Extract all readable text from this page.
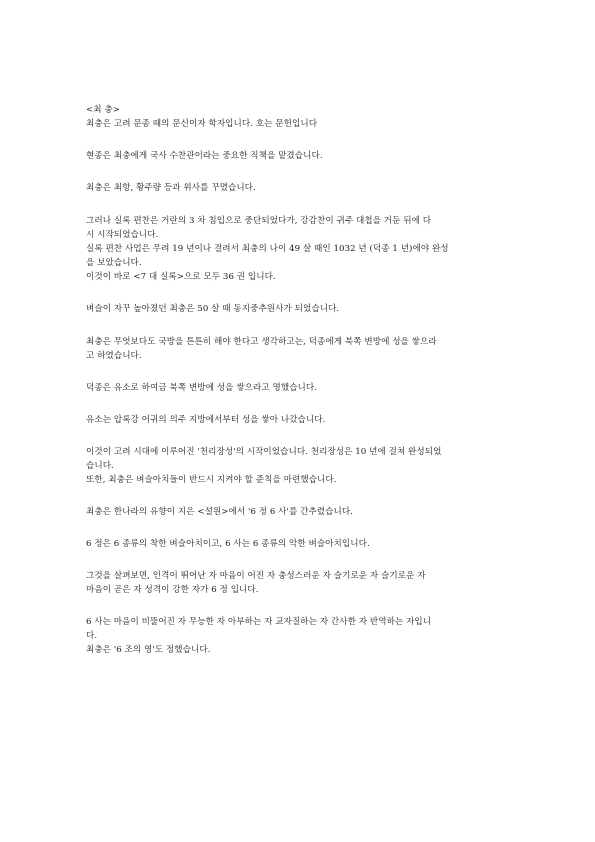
<최 충>
최충은 고려 문종 때의 문신이자 학자입니다. 호는 문헌입니다
현종은 최충에게 국사 수찬관이라는 중요한 직책을 맡겼습니다.
최충은 최항, 황주량 등과 위사를 꾸몄습니다.
그러나 실록 편찬은 거란의 3 차 침입으로 중단되었다가, 강감찬이 귀주 대첩을 거둔 뒤에 다
시 시작되었습니다.
실록 편찬 사업은 무려 19 년이나 걸려서 최충의 나이 49 살 때인 1032 년 (덕종 1 년)에야 완성
을 보았습니다.
이것이 바로 <7 대 실록>으로 모두 36 권 입니다.
벼슬이 자꾸 높아졌던 최충은 50 살 때 동지중추원사가 되었습니다.
최충은 무엇보다도 국방을 튼튼히 해야 한다고 생각하고는, 덕종에게 북쪽 변방에 성을 쌓으라
고 하였습니다.
덕종은 유소로 하여금 북쪽 변방에 성을 쌓으라고 명했습니다.
유소는 압록강 어귀의 의주 지방에서부터 성을 쌓아 나갔습니다.
이것이 고려 시대에 이루어진 '천리장성'의 시작이었습니다. 천리장성은 10 년에 걸쳐 완성되었
습니다.
또한, 최충은 벼슬아치들이 반드시 지켜야 할 준칙을 마련했습니다.
최충은 한나라의 유향이 지은 <설원>에서 '6 정 6 사'를 간추렸습니다.
6 정은 6 종류의 착한 벼슬아치이고, 6 사는 6 종류의 악한 벼슬아치입니다.
그것을 살펴보면, 인격이 뛰어난 자 마음이 어진 자 충성스러운 자 슬기로운 자 슬기로운 자
마음이 곧은 자 성격이 강한 자가 6 정 입니다.
6 사는 마음이 비뚤어진 자 무능한 자 아부하는 자 교자질하는 자 간사한 자 반역하는 자입니
다.
최충은 '6 조의 영'도 정했습니다.
